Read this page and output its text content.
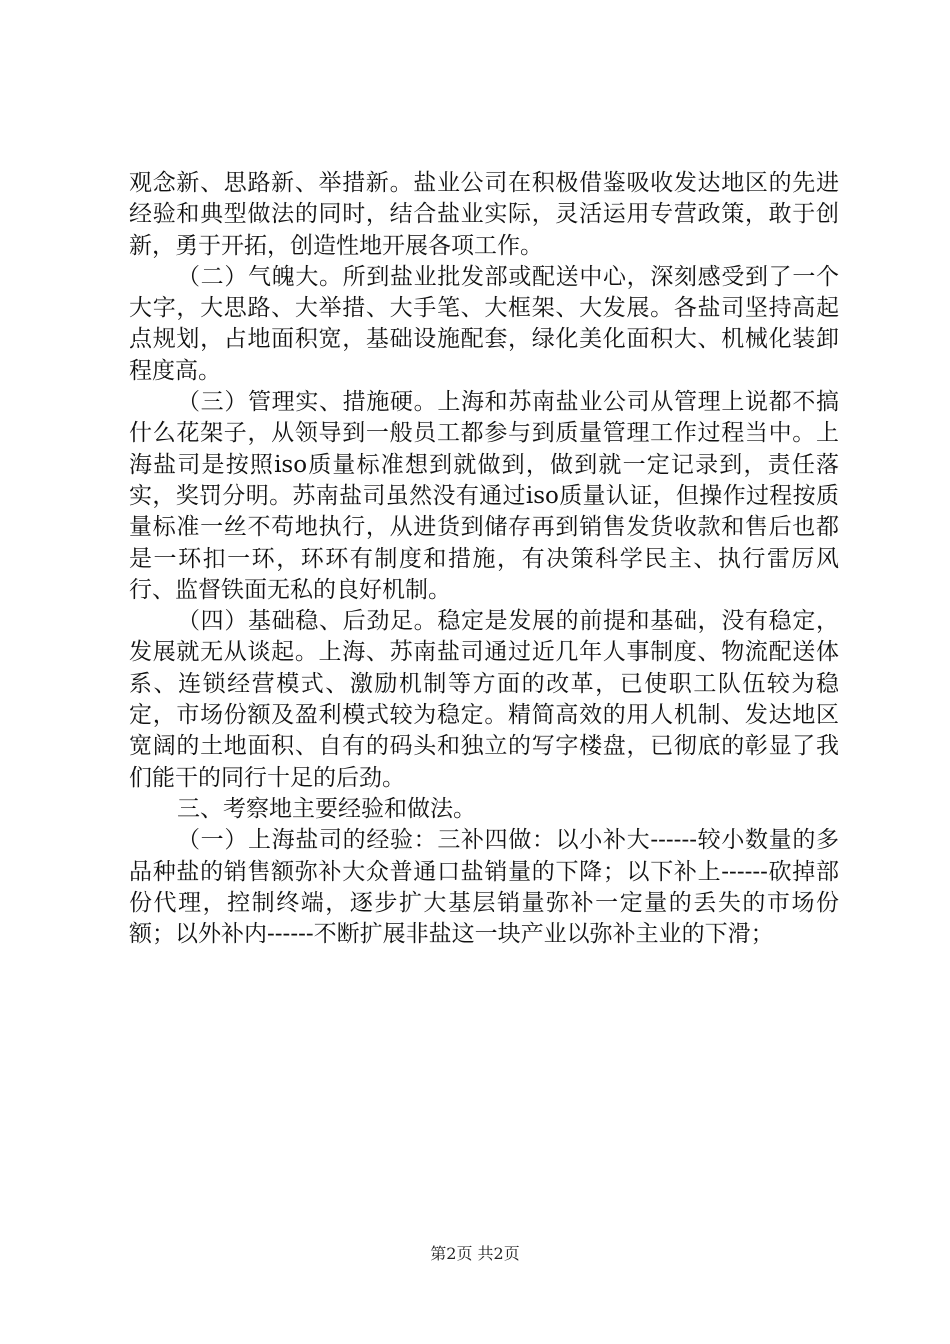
观念新、思路新、举措新。盐业公司在积极借鉴吸收发达地区的先进经验和典型做法的同时，结合盐业实际，灵活运用专营政策，敢于创新，勇于开拓，创造性地开展各项工作。

（二）气魄大。所到盐业批发部或配送中心，深刻感受到了一个大字，大思路、大举措、大手笔、大框架、大发展。各盐司坚持高起点规划，占地面积宽，基础设施配套，绿化美化面积大、机械化装卸程度高。

（三）管理实、措施硬。上海和苏南盐业公司从管理上说都不搞什么花架子，从领导到一般员工都参与到质量管理工作过程当中。上海盐司是按照iso质量标准想到就做到，做到就一定记录到，责任落实，奖罚分明。苏南盐司虽然没有通过iso质量认证，但操作过程按质量标准一丝不苟地执行，从进货到储存再到销售发货收款和售后也都是一环扣一环，环环有制度和措施，有决策科学民主、执行雷厉风行、监督铁面无私的良好机制。

（四）基础稳、后劲足。稳定是发展的前提和基础，没有稳定，发展就无从谈起。上海、苏南盐司通过近几年人事制度、物流配送体系、连锁经营模式、激励机制等方面的改革，已使职工队伍较为稳定，市场份额及盈利模式较为稳定。精简高效的用人机制、发达地区宽阔的土地面积、自有的码头和独立的写字楼盘，已彻底的彰显了我们能干的同行十足的后劲。

三、考察地主要经验和做法。

（一）上海盐司的经验：三补四做：以小补大------较小数量的多品种盐的销售额弥补大众普通口盐销量的下降；以下补上------砍掉部份代理，控制终端，逐步扩大基层销量弥补一定量的丢失的市场份额；以外补内------不断扩展非盐这一块产业以弥补主业的下滑；

第2页 共2页
